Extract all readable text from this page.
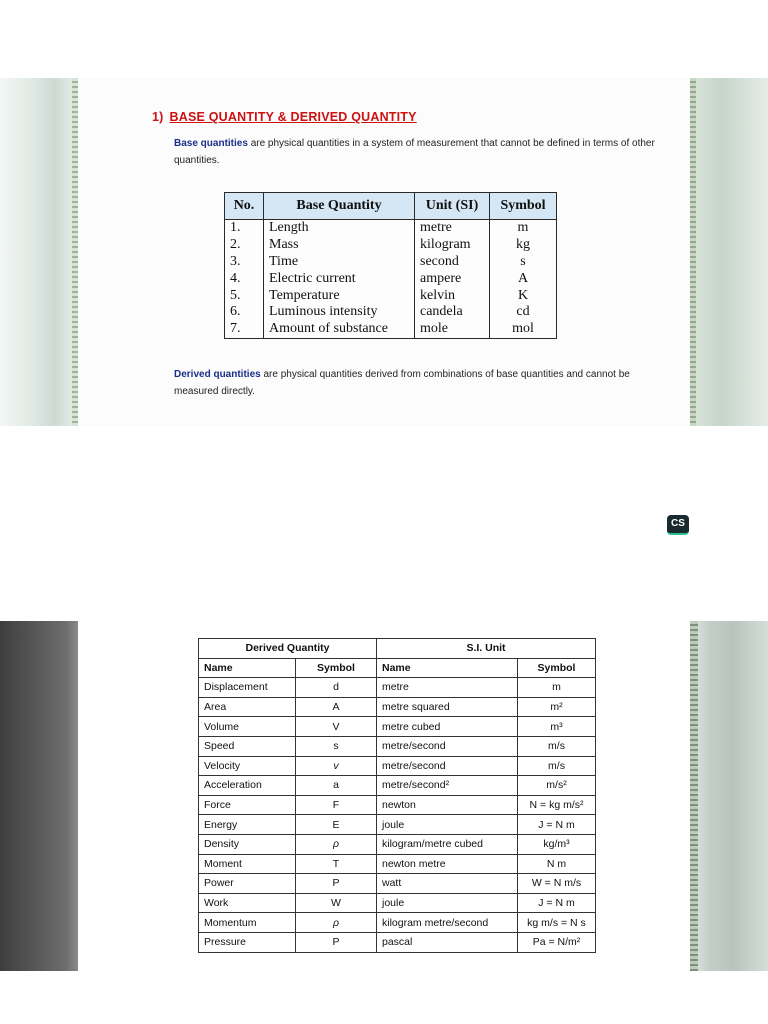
1) BASE QUANTITY & DERIVED QUANTITY
Base quantities are physical quantities in a system of measurement that cannot be defined in terms of other quantities.
No.	Base Quantity	Unit (SI)	Symbol
1.	Length	metre	m
2.	Mass	kilogram	kg
3.	Time	second	s
4.	Electric current	ampere	A
5.	Temperature	kelvin	K
6.	Luminous intensity	candela	cd
7.	Amount of substance	mole	mol
Derived quantities are physical quantities derived from combinations of base quantities and cannot be measured directly.
CS
Derived Quantity		S.I. Unit	
Name	Symbol	Name	Symbol
Displacement	d	metre	m
Area	A	metre squared	m²
Volume	V	metre cubed	m³
Speed	s	metre/second	m/s
Velocity	v	metre/second	m/s
Acceleration	a	metre/second²	m/s²
Force	F	newton	N = kg m/s²
Energy	E	joule	J = N m
Density	ρ	kilogram/metre cubed	kg/m³
Moment	T	newton metre	N m
Power	P	watt	W = N m/s
Work	W	joule	J = N m
Momentum	ρ	kilogram metre/second	kg m/s = N s
Pressure	P	pascal	Pa = N/m²
